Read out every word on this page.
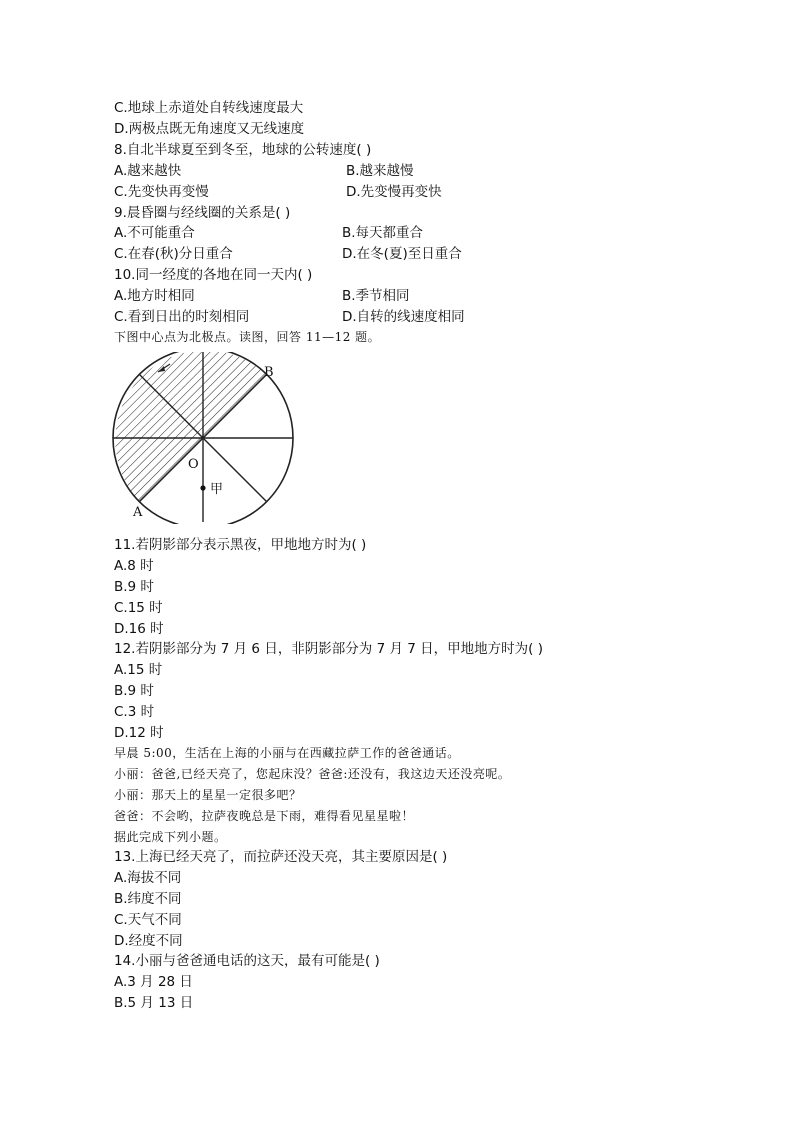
C.地球上赤道处自转线速度最大
D.两极点既无角速度又无线速度
8.自北半球夏至到冬至，地球的公转速度( )
A.越来越快	B.越来越慢
C.先变快再变慢	D.先变慢再变快
9.晨昏圈与经线圈的关系是( )
A.不可能重合	B.每天都重合
C.在春(秋)分日重合	D.在冬(夏)至日重合
10.同一经度的各地在同一天内( )
A.地方时相同	B.季节相同
C.看到日出的时刻相同	D.自转的线速度相同
下图中心点为北极点。读图，回答 11—12 题。
甲
O
B
A
11.若阴影部分表示黑夜，甲地地方时为( )
A.8 时
B.9 时
C.15 时
D.16 时
12.若阴影部分为 7 月 6 日，非阴影部分为 7 月 7 日，甲地地方时为( )
A.15 时
B.9 时
C.3 时
D.12 时
早晨 5:00，生活在上海的小丽与在西藏拉萨工作的爸爸通话。
小丽：爸爸,已经天亮了，您起床没？爸爸:还没有，我这边天还没亮呢。
小丽：那天上的星星一定很多吧？
爸爸：不会哟，拉萨夜晚总是下雨，难得看见星星啦！
据此完成下列小题。
13.上海已经天亮了，而拉萨还没天亮，其主要原因是( )
A.海拔不同
B.纬度不同
C.天气不同
D.经度不同
14.小丽与爸爸通电话的这天，最有可能是( )
A.3 月 28 日
B.5 月 13 日
